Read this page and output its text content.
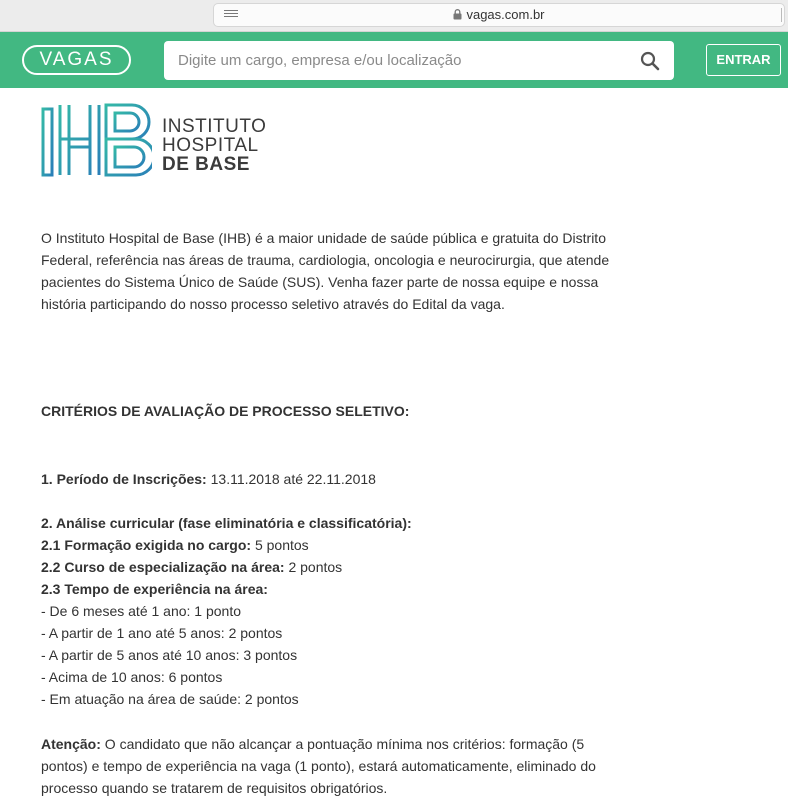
vagas.com.br
VAGAS
Digite um cargo, empresa e/ou localização	ENTRAR
INSTITUTO
HOSPITAL
DE BASE

O Instituto Hospital de Base (IHB) é a maior unidade de saúde pública e gratuita do Distrito Federal, referência nas áreas de trauma, cardiologia, oncologia e neurocirurgia, que atende pacientes do Sistema Único de Saúde (SUS). Venha fazer parte de nossa equipe e nossa história participando do nosso processo seletivo através do Edital da vaga.

CRITÉRIOS DE AVALIAÇÃO DE PROCESSO SELETIVO:
1. Período de Inscrições: 13.11.2018 até 22.11.2018
2. Análise curricular (fase eliminatória e classificatória):
2.1 Formação exigida no cargo: 5 pontos
2.2 Curso de especialização na área: 2 pontos
2.3 Tempo de experiência na área:
- De 6 meses até 1 ano: 1 ponto
- A partir de 1 ano até 5 anos: 2 pontos
- A partir de 5 anos até 10 anos: 3 pontos
- Acima de 10 anos: 6 pontos
- Em atuação na área de saúde: 2 pontos
Atenção: O candidato que não alcançar a pontuação mínima nos critérios: formação (5 pontos) e tempo de experiência na vaga (1 ponto), estará automaticamente, eliminado do processo quando se tratarem de requisitos obrigatórios.
